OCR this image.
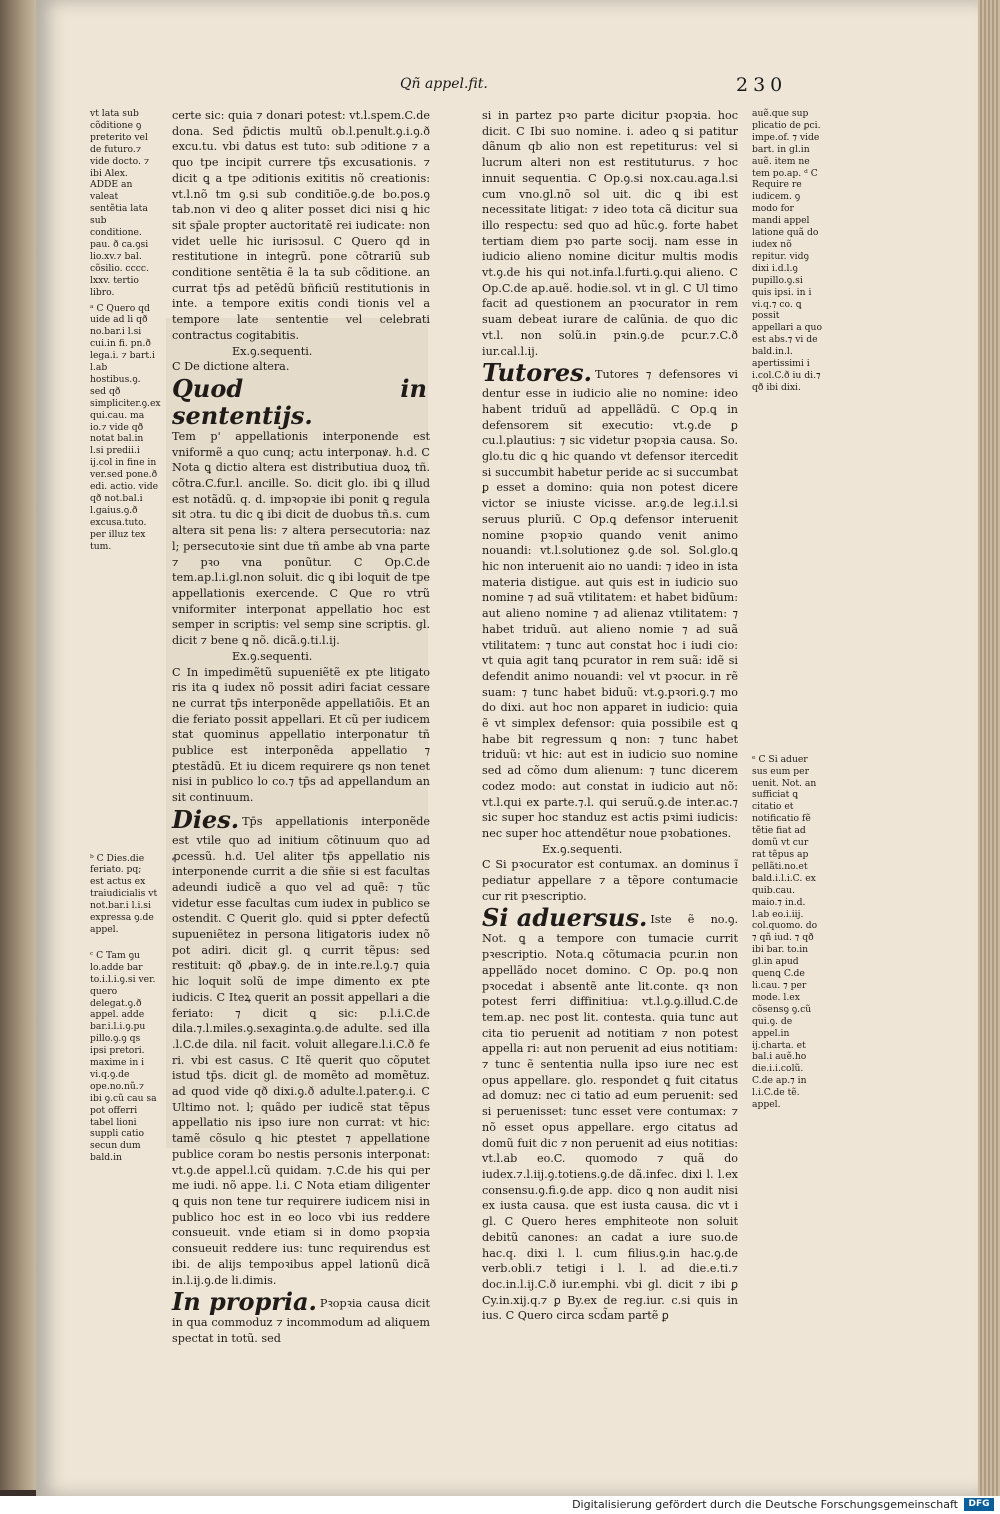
Qñ appel.fit.	230

vt lata sub cõditione ꝯ preterito vel de futuro.⁊ vide docto. ⁊ ibi Alex. ADDE an valeat sentẽtia lata sub conditione. pau. ð ca.ꝯsi lio.xv.⁊ bal. cõsilio. cccc. lxxv. tertio libro.

ᵃ C Quero qd uide ad li qð no.bar.i l.si cui.in fi. pn.ð lega.i. ⁊ bart.i l.ab hostibus.ꝯ. sed qð simpliciter.ꝯ.ex qui.cau. ma io.⁊ vide qð notat bal.in l.si predii.i ij.col in fine in ver.sed pone.ð edi. actio. vide qð not.bal.i l.gaius.ꝯ.ð excusa.tuto. per illuz tex tum.

ᵇ C Dies.die feriato. pq; est actus ex traiudicialis vt not.bar.i l.i.si expressa ꝯ.de appel.

ᶜ C Tam ꝯu lo.adde bar to.i.l.i.ꝯ.si ver. quero delegat.ꝯ.ð appel. adde bar.i.l.i.ꝯ.pu pillo.ꝯ.ꝯ qs ipsi pretori. maxime in i vi.q.ꝯ.de ope.no.nũ.⁊ ibi ꝯ.cũ cau sa pot offerri tabel lioni suppli catio secun dum bald.in

certe sic: quia ⁊ donari potest: vt.l.spem.C.de dona. Sed p̄dictis multũ ob.l.penult.ꝯ.i.ꝯ.ð excu.tu. vbi datus est tuto: sub ɔditione ⁊ a quo tpe incipit currere tp̄s excusationis. ⁊ dicit ꝗ a tpe ɔditionis exititis nõ creationis: vt.l.nõ tm ꝯ.si sub conditiõe.ꝯ.de bo.pos.ꝯ tab.non vi deo ꝗ aliter posset dici nisi ꝗ hic sit sp̄ale propter auctoritatẽ rei iudicate: non videt uelle hic iurisɔsul. C Quero qd in restitutione in integrũ. pone cõtrariũ sub conditione sentẽtia ẽ la ta sub cõditione. an currat tp̄s ad petẽdũ bñficiũ restitutionis in inte. a tempore exitis condi tionis vel a tempore late sententie vel celebrati contractus cogitabitis.

Ex.ꝯ.sequenti.

C De dictione altera.

Quod in sententijs.Tem p' appellationis interponende est vniformẽ a quo cunq; actu interponaꝟ. h.d. C Nota ꝗ dictio altera est distributiua duoꝝ tñ. cõtra.C.fur.l. ancille. So. dicit glo. ibi ꝗ illud est notãdũ. q. d. impꝛopꝛie ibi ponit ꝗ regula sit ɔtra. tu dic ꝗ ibi dicit de duobus tñ.s. cum altera sit pena lis: ⁊ altera persecutoria: naz l; persecutoꝛie sint due tñ ambe ab vna parte ⁊ pꝛo vna ponũtur. C Op.C.de tem.ap.l.i.gl.non soluit. dic ꝗ ibi loquit de tpe appellationis exercende. C Que ro vtrũ vniformiter interponat appellatio hoc est semper in scriptis: vel semp sine scriptis. gl. dicit ⁊ bene ꝗ nõ. dicã.ꝯ.ti.l.ij.

Ex.ꝯ.sequenti.

C In impedimẽtũ supueniẽtẽ ex pte litigato ris ita ꝗ iudex nõ possit adiri faciat cessare ne currat tp̄s interponẽde appellatiõis. Et an die feriato possit appellari. Et cũ per iudicem stat quominus appellatio interponatur tñ publice est interponẽda appellatio ⁊ ꝑtestãdũ. Et iu dicem requirere qs non tenet nisi in publico lo co.⁊ tp̄s ad appellandum an sit continuum.

Dies. Tp̄s appellationis interponẽde est vtile quo ad initium cõtinuum quo ad ꝓcessũ. h.d. Uel aliter tp̄s appellatio nis interponende currit a die sñie si est facultas adeundi iudicẽ a quo vel ad quẽ: ⁊ tũc videtur esse facultas cum iudex in publico se ostendit. C Querit glo. quid si ꝑpter defectũ supueniẽtez in persona litigatoris iudex nõ pot adiri. dicit gl. ꝗ currit tẽpus: sed restituit: qð ꝓbaꝟ.ꝯ. de in inte.re.l.ꝯ.⁊ quia hic loquit solũ de impe dimento ex pte iudicis. C Iteꝝ querit an possit appellari a die feriato: ⁊ dicit ꝗ sic: p.l.i.C.de dila.⁊.l.miles.ꝯ.sexaginta.ꝯ.de adulte. sed illa .l.C.de dila. nil facit. voluit allegare.l.i.C.ð fe ri. vbi est casus. C Itẽ querit quo cõputet istud tp̄s. dicit gl. de momẽto ad momẽtuz. ad quod vide qð dixi.ꝯ.ð adulte.l.pater.ꝯ.i. C Ultimo not. l; quãdo per iudicẽ stat tẽpus appellatio nis ipso iure non currat: vt hic: tamẽ cõsulo ꝗ hic ꝑtestet ⁊ appellatione publice coram bo nestis personis interponat: vt.ꝯ.de appel.l.cũ quidam. ⁊.C.de his qui per me iudi. nõ appe. l.i. C Nota etiam diligenter ꝗ quis non tene tur requirere iudicem nisi in publico hoc est in eo loco vbi ius reddere consueuit. vnde etiam si in domo pꝛopꝛia consueuit reddere ius: tunc requirendus est ibi. de alijs tempoꝛibus appel lationũ dicã in.l.ij.ꝯ.de li.dimis.

In propria. Pꝛopꝛia causa dicit in qua commoduz ⁊ incommodum ad aliquem spectat in totũ. sed

si in partez pꝛo parte dicitur pꝛopꝛia. hoc dicit. C Ibi suo nomine. i. adeo ꝗ si patitur dãnum qb alio non est repetiturus: vel si lucrum alteri non est restituturus. ⁊ hoc innuit sequentia. C Op.ꝯ.si nox.cau.aga.l.si cum vno.gl.nõ sol uit. dic ꝗ ibi est necessitate litigat: ⁊ ideo tota cã dicitur sua illo respectu: sed quo ad hũc.ꝯ. forte habet tertiam diem pꝛo parte socij. nam esse in iudicio alieno nomine dicitur multis modis vt.ꝯ.de his qui not.infa.l.furti.ꝯ.qui alieno. C Op.C.de ap.auẽ. hodie.sol. vt in gl. C Ul timo facit ad questionem an pꝛocurator in rem suam debeat iurare de calũnia. de quo dic vt.l. non solũ.in pꝛin.ꝯ.de pcur.⁊.C.ð iur.cal.l.ij.

Tutores. Tutores ⁊ defensores vi dentur esse in iudicio alie no nomine: ideo habent triduũ ad appellãdũ. C Op.ꝗ in defensorem sit executio: vt.ꝯ.de ꝑ cu.l.plautius: ⁊ sic videtur pꝛopꝛia causa. So. glo.tu dic ꝗ hic quando vt defensor itercedit si succumbit habetur peride ac si succumbat ꝑ esset a domino: quia non potest dicere victor se iniuste vicisse. ar.ꝯ.de leg.i.l.si seruus pluriũ. C Op.ꝗ defensor interuenit nomine pꝛopꝛio quando venit animo nouandi: vt.l.solutionez ꝯ.de sol. Sol.glo.ꝗ hic non interuenit aio no uandi: ⁊ ideo in ista materia distigue. aut quis est in iudicio suo nomine ⁊ ad suã vtilitatem: et habet bidũum: aut alieno nomine ⁊ ad alienaz vtilitatem: ⁊ habet triduũ. aut alieno nomie ⁊ ad suã vtilitatem: ⁊ tunc aut constat hoc i iudi cio: vt quia agit tanꝗ pcurator in rem suã: idẽ si defendit animo nouandi: vel vt pꝛocur. in rẽ suam: ⁊ tunc habet biduũ: vt.ꝯ.pꝛori.ꝯ.⁊ mo do dixi. aut hoc non apparet in iudicio: quia ẽ vt simplex defensor: quia possibile est ꝗ habe bit regressum ꝗ non: ⁊ tunc habet triduũ: vt hic: aut est in iudicio suo nomine sed ad cõmo dum alienum: ⁊ tunc dicerem codez modo: aut constat in iudicio aut nõ: vt.l.qui ex parte.⁊.l. qui seruũ.ꝯ.de inter.ac.⁊ sic super hoc standuz est actis pꝛimi iudicis: nec super hoc attendẽtur noue pꝛobationes.

Ex.ꝯ.sequenti.

C Si pꝛocurator est contumax. an dominus ĩ pediatur appellare ⁊ a tẽpore contumacie cur rit pꝛescriptio.

Si aduersus. Iste ẽ no.ꝯ. Not. ꝗ a tempore con tumacie currit pꝛescriptio. Nota.ꝗ cõtumacia pcur.in non appellãdo nocet domino. C Op. po.ꝗ non pꝛocedat i absentẽ ante lit.conte. qꝛ non potest ferri diffinitiua: vt.l.ꝯ.ꝯ.illud.C.de tem.ap. nec post lit. contesta. quia tunc aut cita tio peruenit ad notitiam ⁊ non potest appella ri: aut non peruenit ad eius notitiam: ⁊ tunc ẽ sententia nulla ipso iure nec est opus appellare. glo. respondet ꝗ fuit citatus ad domuz: nec ci tatio ad eum peruenit: sed si peruenisset: tunc esset vere contumax: ⁊ nõ esset opus appellare. ergo citatus ad domũ fuit dic ⁊ non peruenit ad eius notitias: vt.l.ab eo.C. quomodo ⁊ quã do iudex.⁊.l.iij.ꝯ.totiens.ꝯ.de dã.infec. dixi l. l.ex consensu.ꝯ.fi.ꝯ.de app. dico ꝗ non audit nisi ex iusta causa. que est iusta causa. dic vt i gl. C Quero heres emphiteote non soluit debitũ canones: an cadat a iure suo.de hac.q. dixi l. l. cum filius.ꝯ.in hac.ꝯ.de verb.obli.⁊ tetigi i l. l. ad die.e.ti.⁊ doc.in.l.ij.C.ð iur.emphi. vbi gl. dicit ⁊ ibi ꝑ Cy.in.xij.q.⁊ ꝑ By.ex de reg.iur. c.si quis in ius. C Quero circa scd̃am partẽ ꝑ

auẽ.que sup plicatio de ꝑci. impe.of. ⁊ vide bart. in gl.in auẽ. item ne tem po.ap. ᵈ C Require re iudicem. ꝯ modo for mandi appel latione quã do iudex nõ repitur. vidꝯ dixi i.d.l.ꝯ pupillo.ꝯ.si quis ipsi. in i vi.q.⁊ co. ꝗ possit appellari a quo est abs.⁊ vi de bald.in.l. apertissimi i i.col.C.ð iu di.⁊ qð ibi dixi.

ᵉ C Si aduer sus eum per uenit. Not. an sufficiat ꝗ citatio et notificatio fẽ tẽtie fiat ad domũ vt cur rat tẽpus ap pellãti.no.et bald.i.l.i.C. ex quib.cau. maio.⁊ in.d. l.ab eo.i.iij. col.quomo. do ⁊ qñ iud. ⁊ qð ibi bar. to.in gl.in apud quenꝗ C.de li.cau. ⁊ per mode. l.ex cõsensꝯ ꝯ.cũ qui.ꝯ. de appel.in ij.charta. et bal.i auẽ.ho die.i.i.colũ. C.de ap.⁊ in l.i.C.de tẽ. appel.

Digitalisierung gefördert durch die Deutsche Forschungsgemeinschaft	DFG
